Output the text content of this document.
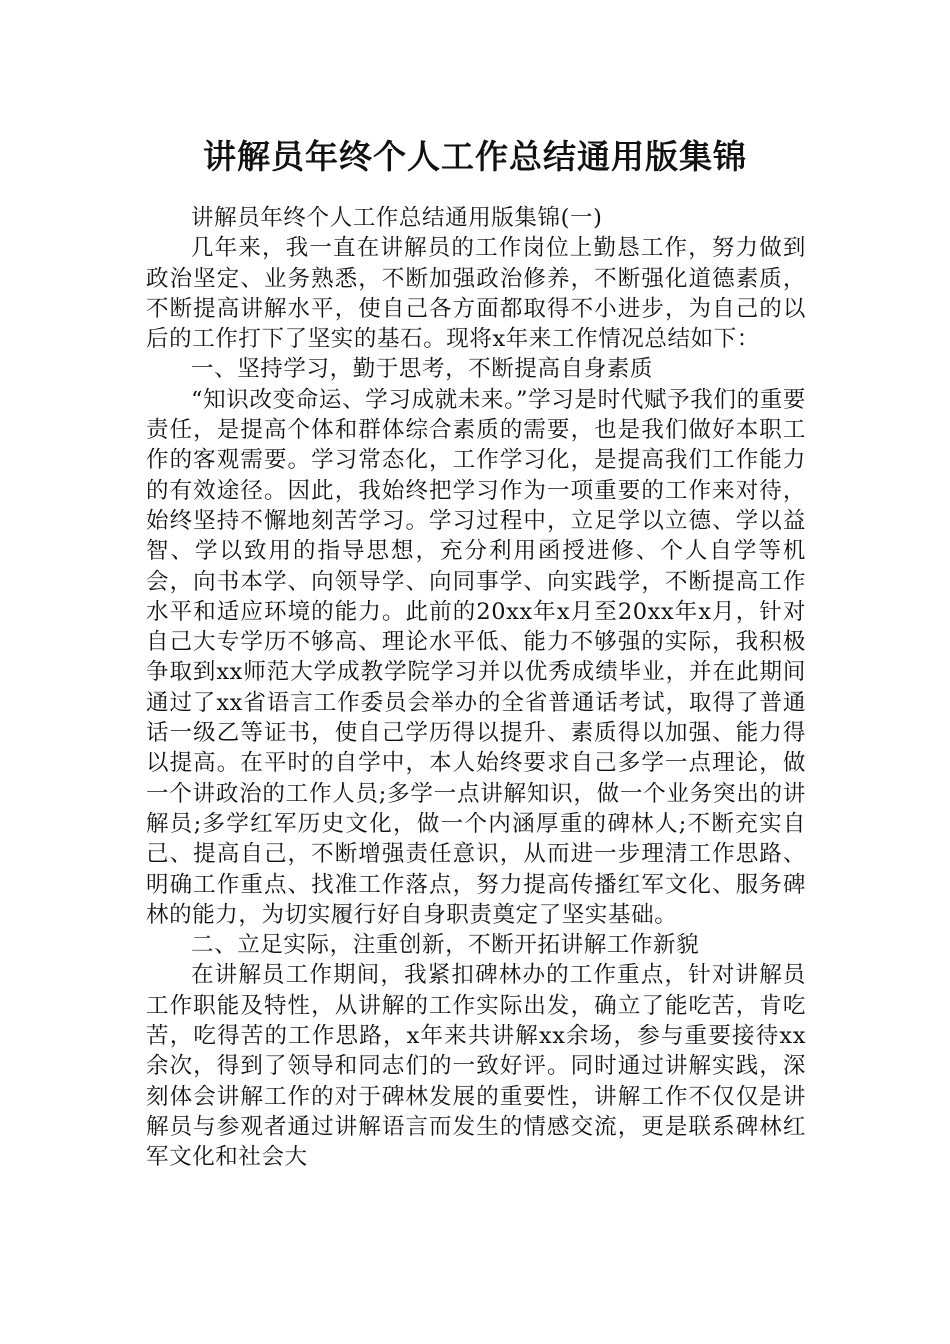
讲解员年终个人工作总结通用版集锦

讲解员年终个人工作总结通用版集锦(一)

几年来，我一直在讲解员的工作岗位上勤恳工作，努力做到政治坚定、业务熟悉，不断加强政治修养，不断强化道德素质，不断提高讲解水平，使自己各方面都取得不小进步，为自己的以后的工作打下了坚实的基石。现将x年来工作情况总结如下：

一、坚持学习，勤于思考，不断提高自身素质

“知识改变命运、学习成就未来。”学习是时代赋予我们的重要责任，是提高个体和群体综合素质的需要，也是我们做好本职工作的客观需要。学习常态化，工作学习化，是提高我们工作能力的有效途径。因此，我始终把学习作为一项重要的工作来对待，始终坚持不懈地刻苦学习。学习过程中，立足学以立德、学以益智、学以致用的指导思想，充分利用函授进修、个人自学等机会，向书本学、向领导学、向同事学、向实践学，不断提高工作水平和适应环境的能力。此前的20xx年x月至20xx年x月，针对自己大专学历不够高、理论水平低、能力不够强的实际，我积极争取到xx师范大学成教学院学习并以优秀成绩毕业，并在此期间通过了xx省语言工作委员会举办的全省普通话考试，取得了普通话一级乙等证书，使自己学历得以提升、素质得以加强、能力得以提高。在平时的自学中，本人始终要求自己多学一点理论，做一个讲政治的工作人员;多学一点讲解知识，做一个业务突出的讲解员;多学红军历史文化，做一个内涵厚重的碑林人;不断充实自己、提高自己，不断增强责任意识，从而进一步理清工作思路、明确工作重点、找准工作落点，努力提高传播红军文化、服务碑林的能力，为切实履行好自身职责奠定了坚实基础。

二、立足实际，注重创新，不断开拓讲解工作新貌

在讲解员工作期间，我紧扣碑林办的工作重点，针对讲解员工作职能及特性，从讲解的工作实际出发，确立了能吃苦，肯吃苦，吃得苦的工作思路，x年来共讲解xx余场，参与重要接待xx余次，得到了领导和同志们的一致好评。同时通过讲解实践，深刻体会讲解工作的对于碑林发展的重要性，讲解工作不仅仅是讲解员与参观者通过讲解语言而发生的情感交流，更是联系碑林红军文化和社会大
